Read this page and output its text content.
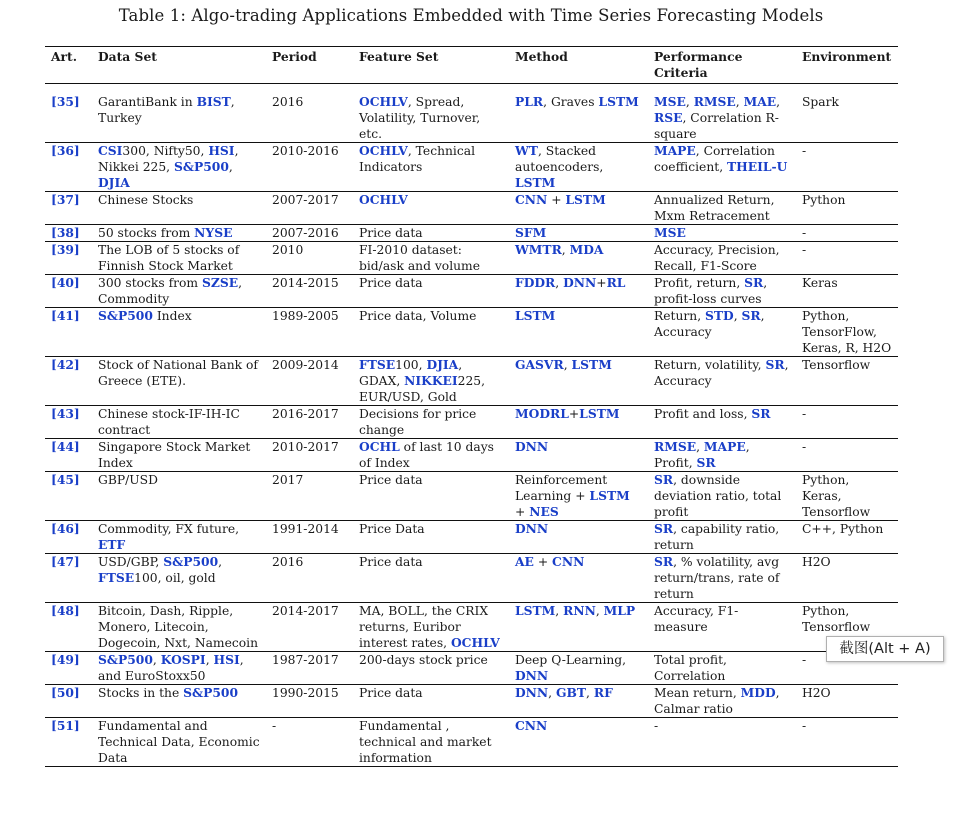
Table 1: Algo-trading Applications Embedded with Time Series Forecasting Models
Art.	Data Set	Period	Feature Set	Method	Performance Criteria	Environment

[35]	GarantiBank in BIST, Turkey	2016	OCHLV, Spread, Volatility, Turnover, etc.	PLR, Graves LSTM	MSE, RMSE, MAE, RSE, Correlation R-square	Spark
[36]	CSI300, Nifty50, HSI, Nikkei 225, S&P500, DJIA	2010-2016	OCHLV, Technical Indicators	WT, Stacked autoencoders, LSTM	MAPE, Correlation coefficient, THEIL-U	-
[37]	Chinese Stocks	2007-2017	OCHLV	CNN + LSTM	Annualized Return, Mxm Retracement	Python
[38]	50 stocks from NYSE	2007-2016	Price data	SFM	MSE	-
[39]	The LOB of 5 stocks of Finnish Stock Market	2010	FI-2010 dataset: bid/ask and volume	WMTR, MDA	Accuracy, Precision, Recall, F1-Score	-
[40]	300 stocks from SZSE, Commodity	2014-2015	Price data	FDDR, DNN+RL	Profit, return, SR, profit-loss curves	Keras
[41]	S&P500 Index	1989-2005	Price data, Volume	LSTM	Return, STD, SR, Accuracy	Python, TensorFlow, Keras, R, H2O
[42]	Stock of National Bank of Greece (ETE).	2009-2014	FTSE100, DJIA, GDAX, NIKKEI225, EUR/USD, Gold	GASVR, LSTM	Return, volatility, SR, Accuracy	Tensorflow
[43]	Chinese stock-IF-IH-IC contract	2016-2017	Decisions for price change	MODRL+LSTM	Profit and loss, SR	-
[44]	Singapore Stock Market Index	2010-2017	OCHL of last 10 days of Index	DNN	RMSE, MAPE, Profit, SR	-
[45]	GBP/USD	2017	Price data	Reinforcement Learning + LSTM + NES	SR, downside deviation ratio, total profit	Python, Keras, Tensorflow
[46]	Commodity, FX future, ETF	1991-2014	Price Data	DNN	SR, capability ratio, return	C++, Python
[47]	USD/GBP, S&P500, FTSE100, oil, gold	2016	Price data	AE + CNN	SR, % volatility, avg return/trans, rate of return	H2O
[48]	Bitcoin, Dash, Ripple, Monero, Litecoin, Dogecoin, Nxt, Namecoin	2014-2017	MA, BOLL, the CRIX returns, Euribor interest rates, OCHLV	LSTM, RNN, MLP	Accuracy, F1-measure	Python, Tensorflow
[49]	S&P500, KOSPI, HSI, and EuroStoxx50	1987-2017	200-days stock price	Deep Q-Learning, DNN	Total profit, Correlation	-
[50]	Stocks in the S&P500	1990-2015	Price data	DNN, GBT, RF	Mean return, MDD, Calmar ratio	H2O
[51]	Fundamental and Technical Data, Economic Data	-	Fundamental , technical and market information	CNN	-	-
截图(Alt + A)
